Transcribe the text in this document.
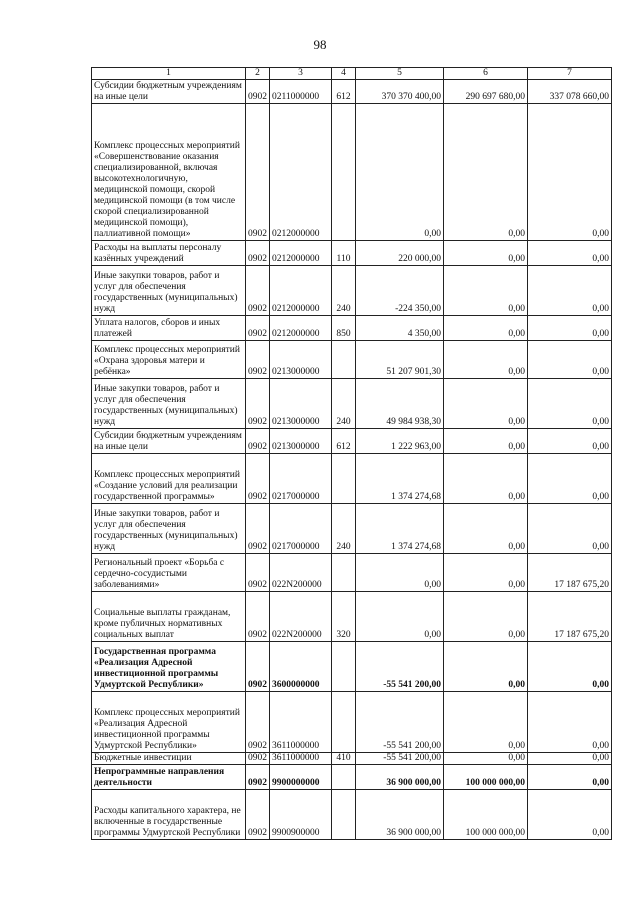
98
1	2	3	4	5	6	7
Субсидии бюджетным учреждениям на иные цели	0902	0211000000	612	370 370 400,00	290 697 680,00	337 078 660,00
Комплекс процессных мероприятий «Совершенствование оказания специализированной, включая высокотехнологичную, медицинской помощи, скорой медицинской помощи (в том числе скорой специализированной медицинской помощи), паллиативной помощи»	0902	0212000000		0,00	0,00	0,00
Расходы на выплаты персоналу казённых учреждений	0902	0212000000	110	220 000,00	0,00	0,00
Иные закупки товаров, работ и услуг для обеспечения государственных (муниципальных) нужд	0902	0212000000	240	-224 350,00	0,00	0,00
Уплата налогов, сборов и иных платежей	0902	0212000000	850	4 350,00	0,00	0,00
Комплекс процессных мероприятий «Охрана здоровья матери и ребёнка»	0902	0213000000		51 207 901,30	0,00	0,00
Иные закупки товаров, работ и услуг для обеспечения государственных (муниципальных) нужд	0902	0213000000	240	49 984 938,30	0,00	0,00
Субсидии бюджетным учреждениям на иные цели	0902	0213000000	612	1 222 963,00	0,00	0,00
Комплекс процессных мероприятий «Создание условий для реализации государственной программы»	0902	0217000000		1 374 274,68	0,00	0,00
Иные закупки товаров, работ и услуг для обеспечения государственных (муниципальных) нужд	0902	0217000000	240	1 374 274,68	0,00	0,00
Региональный проект «Борьба с сердечно-сосудистыми заболеваниями»	0902	022N200000		0,00	0,00	17 187 675,20
Социальные выплаты гражданам, кроме публичных нормативных социальных выплат	0902	022N200000	320	0,00	0,00	17 187 675,20
Государственная программа «Реализация Адресной инвестиционной программы Удмуртской Республики»	0902	3600000000		-55 541 200,00	0,00	0,00
Комплекс процессных мероприятий «Реализация Адресной инвестиционной программы Удмуртской Республики»	0902	3611000000		-55 541 200,00	0,00	0,00
Бюджетные инвестиции	0902	3611000000	410	-55 541 200,00	0,00	0,00
Непрограммные направления деятельности	0902	9900000000		36 900 000,00	100 000 000,00	0,00
Расходы капитального характера, не включенные в государственные программы Удмуртской Республики	0902	9900900000		36 900 000,00	100 000 000,00	0,00
